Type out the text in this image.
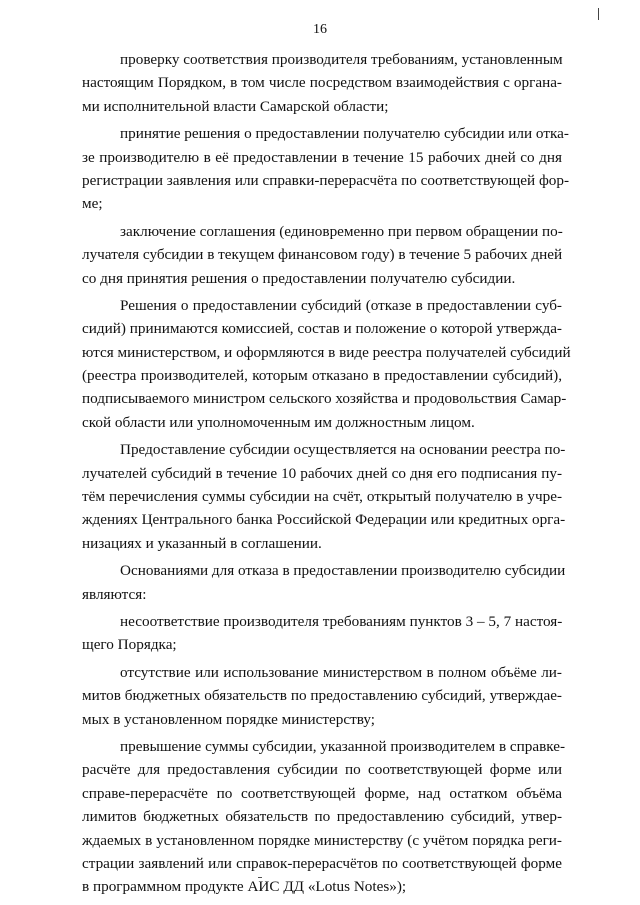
16
проверку соответствия производителя требованиям, установленным
настоящим Порядком, в том числе посредством взаимодействия с органа-
ми исполнительной власти Самарской области;
принятие решения о предоставлении получателю субсидии или отка-
зе производителю в её предоставлении в течение 15 рабочих дней со дня
регистрации заявления или справки-перерасчёта по соответствующей фор-
ме;
заключение соглашения (единовременно при первом обращении по-
лучателя субсидии в текущем финансовом году) в течение 5 рабочих дней
со дня принятия решения о предоставлении получателю субсидии.
Решения о предоставлении субсидий (отказе в предоставлении суб-
сидий) принимаются комиссией, состав и положение о которой утвержда-
ются министерством, и оформляются в виде реестра получателей субсидий
(реестра производителей, которым отказано в предоставлении субсидий),
подписываемого министром сельского хозяйства и продовольствия Самар-
ской области или уполномоченным им должностным лицом.
Предоставление субсидии осуществляется на основании реестра по-
лучателей субсидий в течение 10 рабочих дней со дня его подписания пу-
тём перечисления суммы субсидии на счёт, открытый получателю в учре-
ждениях Центрального банка Российской Федерации или кредитных орга-
низациях и указанный в соглашении.
Основаниями для отказа в предоставлении производителю субсидии
являются:
несоответствие производителя требованиям пунктов 3 – 5, 7 настоя-
щего Порядка;
отсутствие или использование министерством в полном объёме ли-
митов бюджетных обязательств по предоставлению субсидий, утверждае-
мых в установленном порядке министерству;
превышение суммы субсидии, указанной производителем в справке-
расчёте для предоставления субсидии по соответствующей форме или
справе-перерасчёте по соответствующей форме, над остатком объёма
лимитов бюджетных обязательств по предоставлению субсидий, утвер-
ждаемых в установленном порядке министерству (с учётом порядка реги-
страции заявлений или справок-перерасчётов по соответствующей форме
в программном продукте АИС ДД «Lotus Notes»);
